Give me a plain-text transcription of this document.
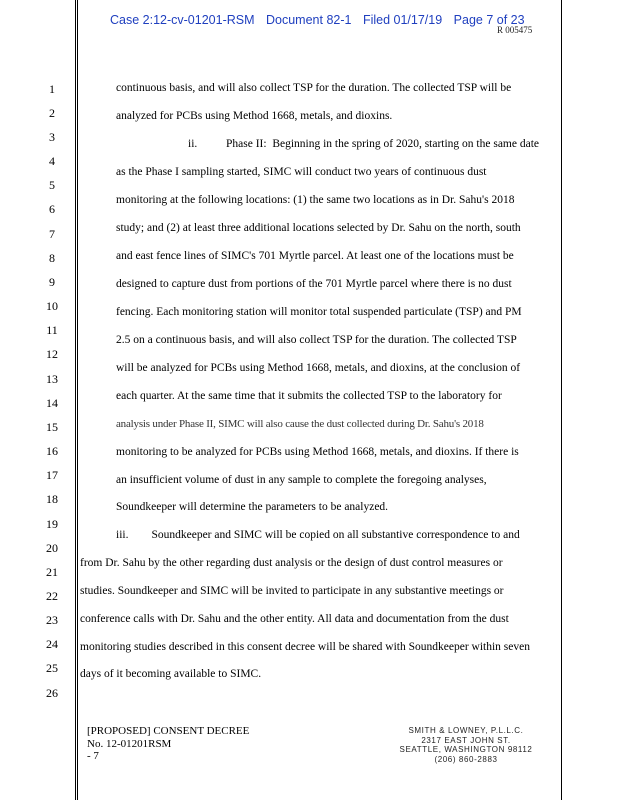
Case 2:12-cv-01201-RSM Document 82-1 Filed 01/17/19 Page 7 of 23
R 005475
1
2
3
4
5
6
7
8
9
10
11
12
13
14
15
16
17
18
19
20
21
22
23
24
25
26
continuous basis, and will also collect TSP for the duration. The collected TSP will be
analyzed for PCBs using Method 1668, metals, and dioxins.
ii.          Phase II:  Beginning in the spring of 2020, starting on the same date
as the Phase I sampling started, SIMC will conduct two years of continuous dust
monitoring at the following locations: (1) the same two locations as in Dr. Sahu's 2018
study; and (2) at least three additional locations selected by Dr. Sahu on the north, south
and east fence lines of SIMC's 701 Myrtle parcel. At least one of the locations must be
designed to capture dust from portions of the 701 Myrtle parcel where there is no dust
fencing. Each monitoring station will monitor total suspended particulate (TSP) and PM
2.5 on a continuous basis, and will also collect TSP for the duration. The collected TSP
will be analyzed for PCBs using Method 1668, metals, and dioxins, at the conclusion of
each quarter. At the same time that it submits the collected TSP to the laboratory for
analysis under Phase II, SIMC will also cause the dust collected during Dr. Sahu's 2018
monitoring to be analyzed for PCBs using Method 1668, metals, and dioxins. If there is
an insufficient volume of dust in any sample to complete the foregoing analyses,
Soundkeeper will determine the parameters to be analyzed.
iii.        Soundkeeper and SIMC will be copied on all substantive correspondence to and
from Dr. Sahu by the other regarding dust analysis or the design of dust control measures or
studies. Soundkeeper and SIMC will be invited to participate in any substantive meetings or
conference calls with Dr. Sahu and the other entity. All data and documentation from the dust
monitoring studies described in this consent decree will be shared with Soundkeeper within seven
days of it becoming available to SIMC.
[PROPOSED] CONSENT DECREE
No. 12-01201RSM
- 7
SMITH & LOWNEY, P.L.L.C.
2317 EAST JOHN ST.
SEATTLE, WASHINGTON 98112
(206) 860-2883
